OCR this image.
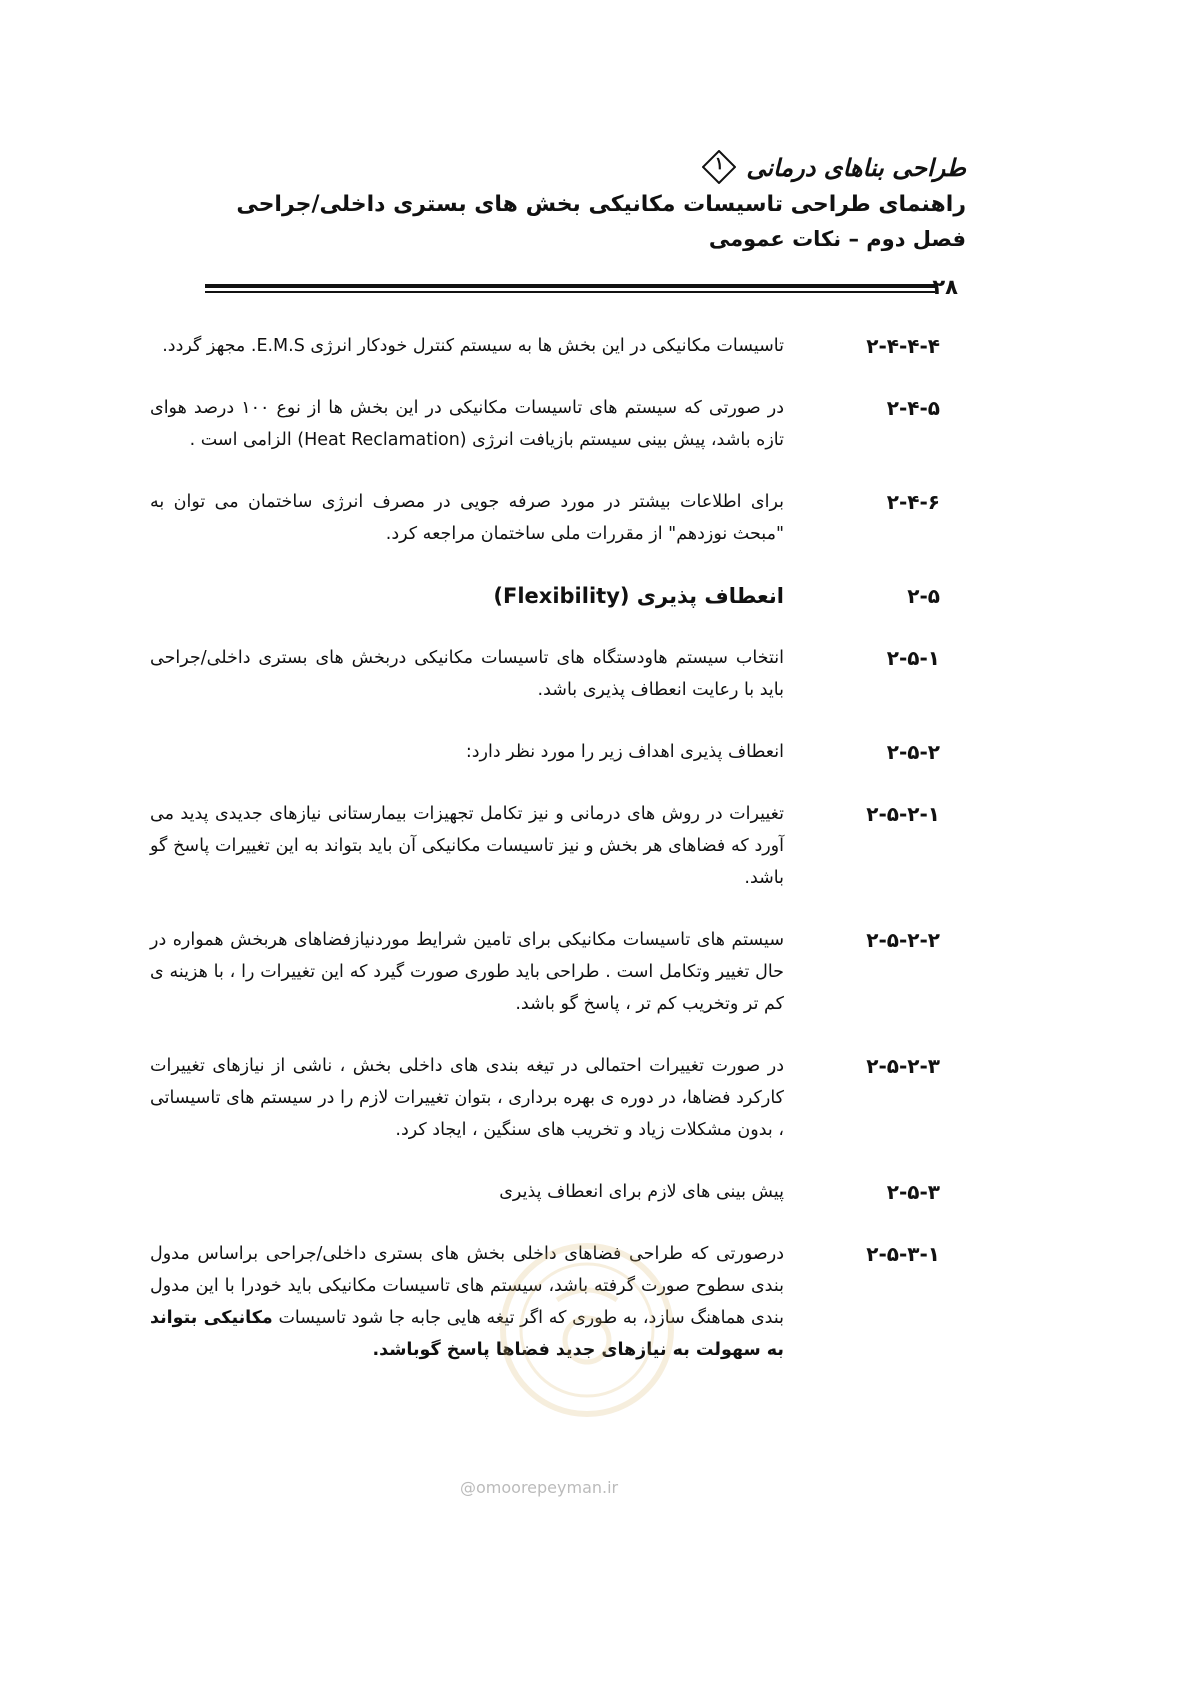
طراحی بناهای درمانی
۱
راهنمای طراحی تاسیسات مکانیکی بخش های بستری داخلی/جراحی
فصل دوم – نکات عمومی
۲۸
۲-۴-۴-۴
تاسیسات مکانیکی در این بخش ها به سیستم کنترل خودکار انرژی E.M.S. مجهز گردد.
۲-۴-۵
در صورتی که سیستم های تاسیسات مکانیکی در این بخش ها از نوع ۱۰۰ درصد هوای تازه باشد، پیش بینی سیستم بازیافت انرژی (Heat Reclamation) الزامی است .
۲-۴-۶
برای اطلاعات بیشتر در مورد صرفه جویی در مصرف انرژی ساختمان می توان به "مبحث نوزدهم" از مقررات ملی ساختمان مراجعه کرد.
۲-۵
انعطاف پذیری (Flexibility)
۲-۵-۱
انتخاب سیستم هاودستگاه های تاسیسات مکانیکی دربخش های بستری داخلی/جراحی باید با رعایت انعطاف پذیری باشد.
۲-۵-۲
انعطاف پذیری اهداف زیر را مورد نظر دارد:
۲-۵-۲-۱
تغییرات در روش های درمانی و نیز تکامل تجهیزات بیمارستانی نیازهای جدیدی پدید می آورد که فضاهای هر بخش و نیز تاسیسات مکانیکی آن باید بتواند به این تغییرات پاسخ گو باشد.
۲-۵-۲-۲
سیستم های تاسیسات مکانیکی برای تامین شرایط موردنیازفضاهای هربخش همواره در حال تغییر وتکامل است . طراحی باید طوری صورت گیرد که این تغییرات را ، با هزینه ی کم تر وتخریب کم تر ، پاسخ گو باشد.
۲-۵-۲-۳
در صورت تغییرات احتمالی در تیغه بندی های داخلی بخش ، ناشی از نیازهای تغییرات کارکرد فضاها، در دوره ی بهره برداری ، بتوان تغییرات لازم را در سیستم های تاسیساتی ، بدون مشکلات زیاد و تخریب های سنگین ، ایجاد کرد.
۲-۵-۳
پیش بینی های لازم برای انعطاف پذیری
۲-۵-۳-۱
درصورتی که طراحی فضاهای داخلی بخش های بستری داخلی/جراحی براساس مدول بندی سطوح صورت گرفته باشد، سیستم های تاسیسات مکانیکی باید خودرا با این مدول بندی هماهنگ سازد، به طوری که اگر تیغه هایی جابه جا شود تاسیسات مکانیکی بتواند به سهولت به نیازهای جدید فضاها پاسخ گوباشد.
@omoorepeyman.ir
